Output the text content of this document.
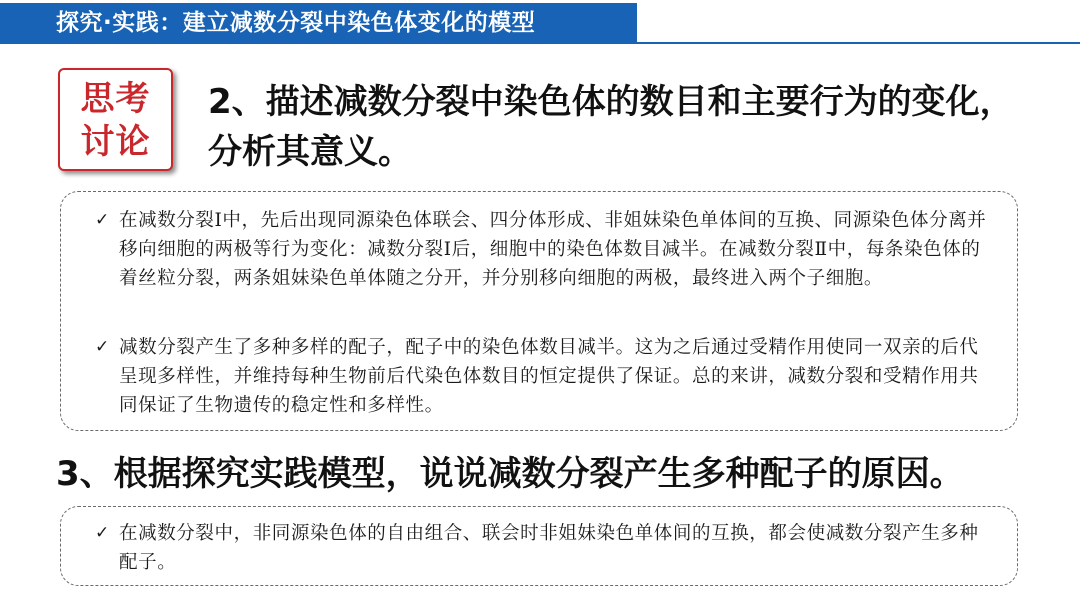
探究·实践：建立减数分裂中染色体变化的模型
思考
讨论
2、描述减数分裂中染色体的数目和主要行为的变化，
分析其意义。
✓ 在减数分裂Ⅰ中，先后出现同源染色体联会、四分体形成、非姐妹染色单体间的互换、同源染色体分离并移向细胞的两极等行为变化：减数分裂Ⅰ后，细胞中的染色体数目减半。在减数分裂Ⅱ中，每条染色体的着丝粒分裂，两条姐妹染色单体随之分开，并分别移向细胞的两极，最终进入两个子细胞。
✓ 减数分裂产生了多种多样的配子，配子中的染色体数目减半。这为之后通过受精作用使同一双亲的后代呈现多样性，并维持每种生物前后代染色体数目的恒定提供了保证。总的来讲，减数分裂和受精作用共同保证了生物遗传的稳定性和多样性。
3、根据探究实践模型，说说减数分裂产生多种配子的原因。
✓ 在减数分裂中，非同源染色体的自由组合、联会时非姐妹染色单体间的互换，都会使减数分裂产生多种配子。
